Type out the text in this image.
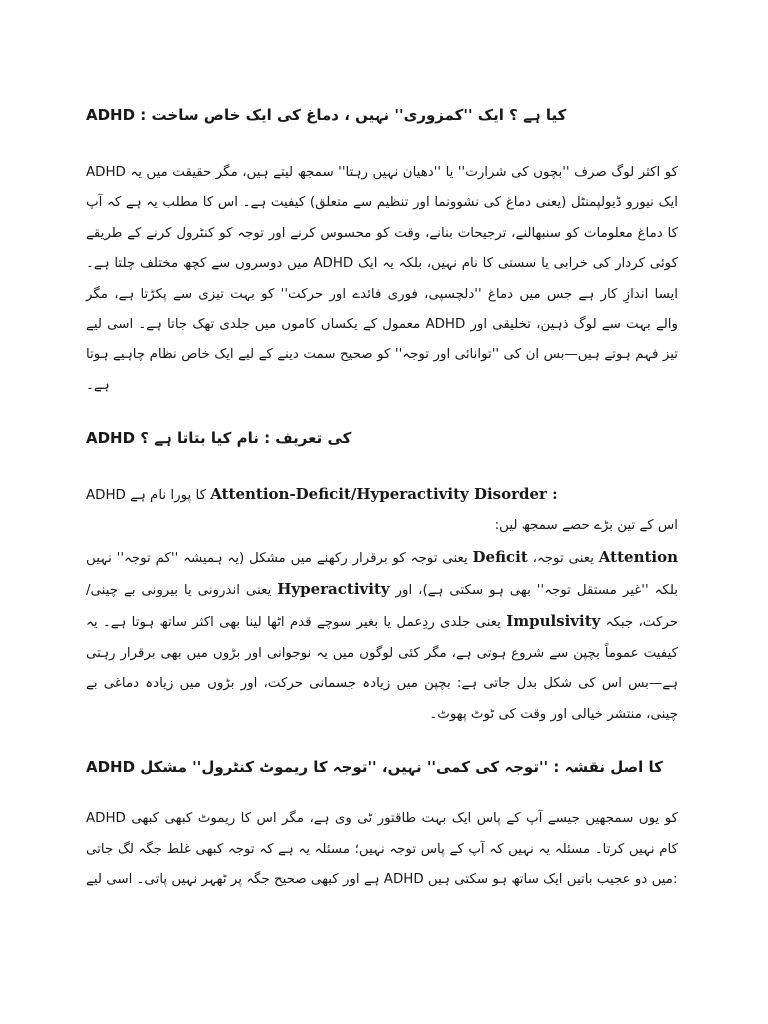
ADHD : کیا ہے ؟ ایک ''کمزوری'' نہیں ، دماغ کی ایک خاص ساخت

ADHD کو اکثر لوگ صرف ''بچوں کی شرارت'' یا ''دھیان نہیں رہتا'' سمجھ لیتے ہیں، مگر حقیقت میں یہ ایک نیورو ڈیولپمنٹل (یعنی دماغ کی نشوونما اور تنظیم سے متعلق) کیفیت ہے۔ اس کا مطلب یہ ہے کہ آپ کا دماغ معلومات کو سنبھالنے، ترجیحات بنانے، وقت کو محسوس کرنے اور توجہ کو کنٹرول کرنے کے طریقے میں دوسروں سے کچھ مختلف چلتا ہے۔ ADHD کوئی کردار کی خرابی یا سستی کا نام نہیں، بلکہ یہ ایک ایسا اندازِ کار ہے جس میں دماغ ''دلچسپی، فوری فائدے اور حرکت'' کو بہت تیزی سے پکڑتا ہے، مگر معمول کے یکساں کاموں میں جلدی تھک جاتا ہے۔ اسی لیے ADHD والے بہت سے لوگ ذہین، تخلیقی اور تیز فہم ہوتے ہیں—بس ان کی ''توانائی اور توجہ'' کو صحیح سمت دینے کے لیے ایک خاص نظام چاہیے ہوتا ہے۔

ADHD کی تعریف : نام کیا بتاتا ہے ؟

ADHD کا پورا نام ہے Attention-Deficit/Hyperactivity Disorder :

اس کے تین بڑے حصے سمجھ لیں:

Attention یعنی توجہ، Deficit یعنی توجہ کو برقرار رکھنے میں مشکل (یہ ہمیشہ ''کم توجہ'' نہیں بلکہ ''غیر مستقل توجہ'' بھی ہو سکتی ہے)، اور Hyperactivity یعنی اندرونی یا بیرونی بے چینی/حرکت، جبکہ Impulsivity یعنی جلدی ردِعمل یا بغیر سوچے قدم اٹھا لینا بھی اکثر ساتھ ہوتا ہے۔ یہ کیفیت عموماً بچپن سے شروع ہوتی ہے، مگر کئی لوگوں میں یہ نوجوانی اور بڑوں میں بھی برقرار رہتی ہے—بس اس کی شکل بدل جاتی ہے: بچپن میں زیادہ جسمانی حرکت، اور بڑوں میں زیادہ دماغی بے چینی، منتشر خیالی اور وقت کی ٹوٹ پھوٹ۔

ADHD کا اصل نقشہ : ''توجہ کی کمی'' نہیں، ''توجہ کا ریموٹ کنٹرول'' مشکل

ADHD کو یوں سمجھیں جیسے آپ کے پاس ایک بہت طاقتور ٹی وی ہے، مگر اس کا ریموٹ کبھی کبھی کام نہیں کرتا۔ مسئلہ یہ نہیں کہ آپ کے پاس توجہ نہیں؛ مسئلہ یہ ہے کہ توجہ کبھی غلط جگہ لگ جاتی ہے اور کبھی صحیح جگہ پر ٹھہر نہیں پاتی۔ اسی لیے ADHD میں دو عجیب باتیں ایک ساتھ ہو سکتی ہیں:
